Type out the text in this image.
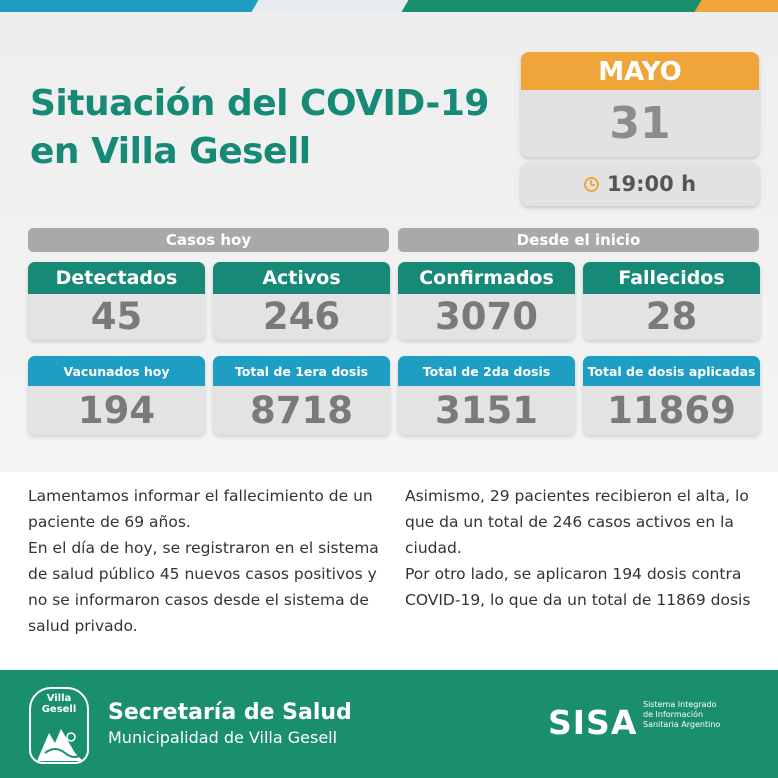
Situación del COVID-19
en Villa Gesell
MAYO
31
19:00 h
Casos hoy	Desde el inicio
Detectados
45
Activos
246
Confirmados
3070
Fallecidos
28
Vacunados hoy
194
Total de 1era dosis
8718
Total de 2da dosis
3151
Total de dosis aplicadas
11869
Lamentamos informar el fallecimiento de un paciente de 69 años.
En el día de hoy, se registraron en el sistema de salud público 45 nuevos casos positivos y no se informaron casos desde el sistema de salud privado.
Asimismo, 29 pacientes recibieron el alta, lo que da un total de 246 casos activos en la ciudad.
Por otro lado, se aplicaron 194 dosis contra COVID-19, lo que da un total de 11869 dosis
Villa
Gesell	Secretaría de Salud
Municipalidad de Villa Gesell	SISA Sistema Integrado
de Información
Sanitaria Argentino
